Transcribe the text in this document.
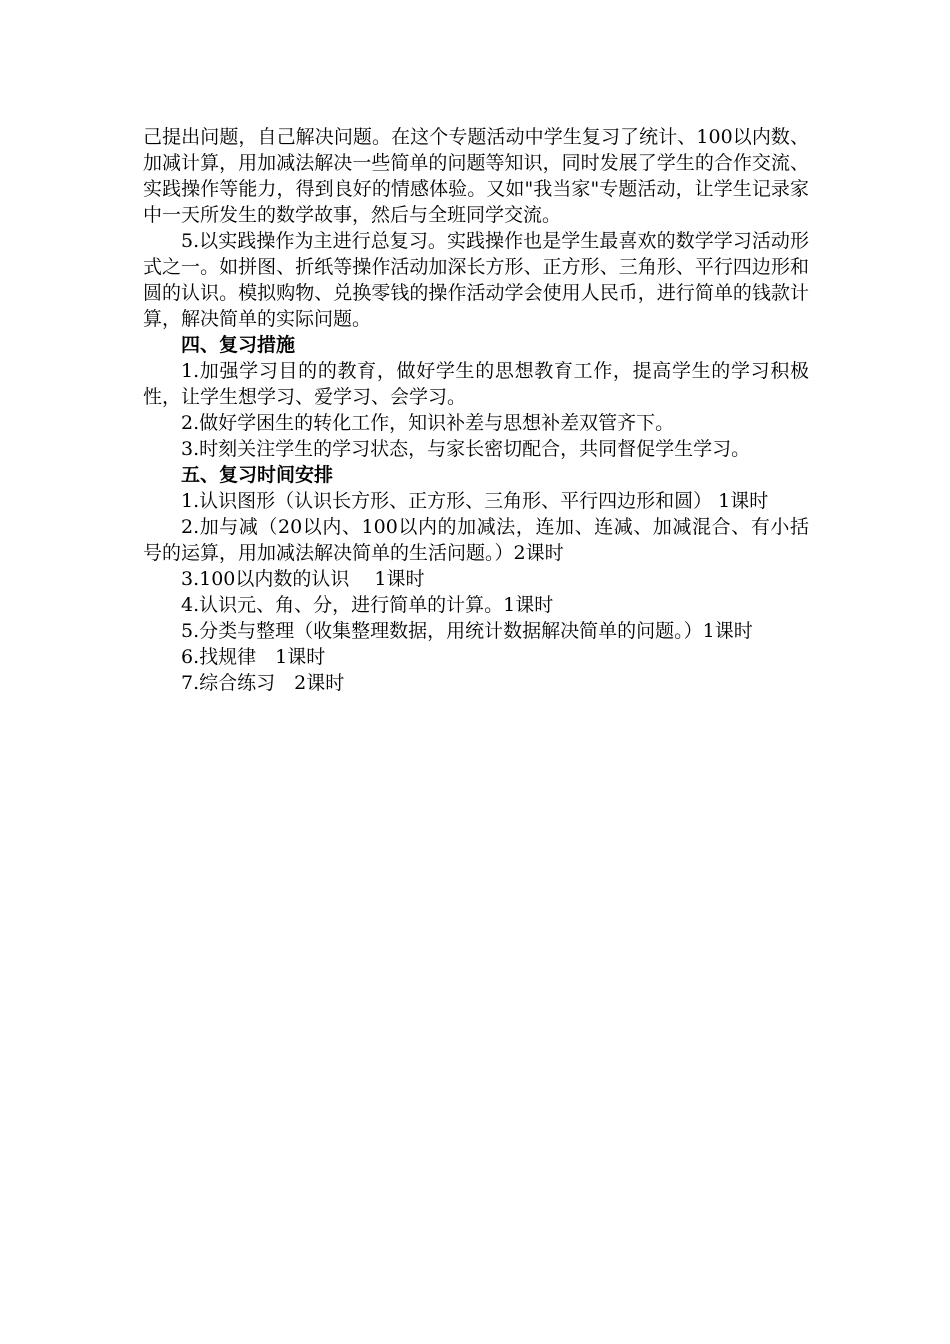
己提出问题，自己解决问题。在这个专题活动中学生复习了统计、100以内数、加减计算，用加减法解决一些简单的问题等知识，同时发展了学生的合作交流、实践操作等能力，得到良好的情感体验。又如"我当家"专题活动，让学生记录家中一天所发生的数学故事，然后与全班同学交流。

5.以实践操作为主进行总复习。实践操作也是学生最喜欢的数学学习活动形式之一。如拼图、折纸等操作活动加深长方形、正方形、三角形、平行四边形和圆的认识。模拟购物、兑换零钱的操作活动学会使用人民币，进行简单的钱款计算，解决简单的实际问题。

四、复习措施

1.加强学习目的的教育，做好学生的思想教育工作，提高学生的学习积极性，让学生想学习、爱学习、会学习。

2.做好学困生的转化工作，知识补差与思想补差双管齐下。

3.时刻关注学生的学习状态，与家长密切配合，共同督促学生学习。

五、复习时间安排

1.认识图形（认识长方形、正方形、三角形、平行四边形和圆） 1课时

2.加与减（20以内、100以内的加减法，连加、连减、加减混合、有小括号的运算，用加减法解决简单的生活问题。）2课时

3.100以内数的认识　 1课时

4.认识元、角、分，进行简单的计算。1课时

5.分类与整理（收集整理数据，用统计数据解决简单的问题。）1课时

6.找规律　1课时

7.综合练习　2课时
